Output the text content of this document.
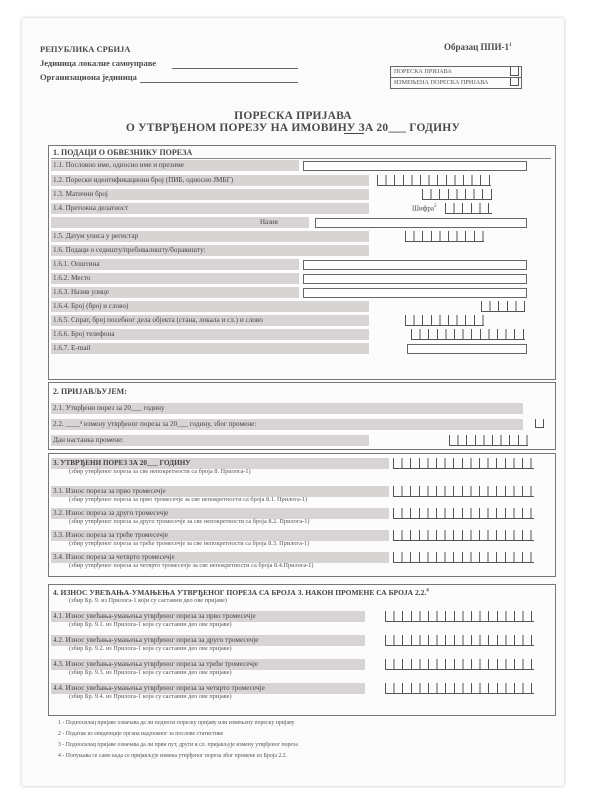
РЕПУБЛИКА СРБИЈА
Јединица локалне самоуправе
Организациона јединица
Образац ППИ-$1^1$
ПОРЕСКА ПРИЈАВА
ИЗМЕЊЕНА ПОРЕСКА ПРИЈАВА
ПОРЕСКА ПРИЈАВА
О УТВРЂЕНОМ ПОРЕЗУ НА ИМОВИНУ ЗА 20___ ГОДИНУ
1. ПОДАЦИ О ОБВЕЗНИКУ ПОРЕЗА
1.1. Пословно име, односно име и презиме
1.2. Порески идентификациони број (ПИБ, односно ЈМБГ)
1.3. Матични број
1.4. Претежна делатност	Шифра$^2$
Назив
1.5. Датум уписа у регистар
1.6. Подаци о седишту/пребивалишту/боравишту:
1.6.1. Општина
1.6.2. Место
1.6.3. Назив улице
1.6.4. Број (број и слово)
1.6.5. Спрат, број посебног дела објекта (стана, локала и сл.) и слово
1.6.6. Број телефона
1.6.7. E-mail
2. ПРИЈАВЉУЈЕМ:
2.1. Утврђени порез за 20___ годину
2.2. ____³ измену утврђеног пореза за 20___ годину, због промене:
Дан настанка промене:
3. УТВРЂЕНИ ПОРЕЗ ЗА 20___ ГОДИНУ
(збир утврђеног пореза за све непокретности са броја 8. Прилога-1)
3.1. Износ пореза за прво тромесечје
(збир утврђеног пореза за прво тромесечје за све непокретности са броја 8.1. Прилога-1)
3.2. Износ пореза за друго тромесечје
(збир утврђеног пореза за друго тромесечје за све непокретности са броја 8.2. Прилога-1)
3.3. Износ пореза за треће тромесечје
(збир утврђеног пореза за треће тромесечје за све непокретности са броја 8.3. Прилога-1)
3.4. Износ пореза за четврто тромесечје
(збир утврђеног пореза за четврто тромесечје за све непокретности са броја 8.4.Прилога-1)
4. ИЗНОС УВЕЋАЊА-УМАЊЕЊА УТВРЂЕНОГ ПОРЕЗА СА БРОЈА 3. НАКОН ПРОМЕНЕ СА БРОЈА 2.2.$^4$
(збир Бр. 9. из Прилога-1 који су саставни део ове пријаве)
4.1. Износ увећања-умањења утврђеног пореза за прво тромесечје
(збир Бр. 9.1. из Прилога-1 који су саставни део ове пријаве)
4.2. Износ увећања-умањења утврђеног пореза за друго тромесечје
(збир Бр. 9.2. из Прилога-1 који су саставни део ове пријаве)
4.3. Износ увећања-умањења утврђеног пореза за треће тромесечје
(збир Бр. 9.3. из Прилога-1 који су саставни део ове пријаве)
4.4. Износ увећања-умањења утврђеног пореза за четврто тромесечје
(збир Бр. 9.4. из Прилога-1 који су саставни део ове пријаве)
1 - Подносилац пријаве означава да ли подноси пореску пријаву или измењену пореску пријаву
2 - Податак из евиденције органа надлежног за послове статистике
3 - Подносилац пријаве означава да ли први пут, други и сл. пријављује измену утврђеног пореза
4 - Попуњава се само када се пријављује измена утврђеног пореза због промене из Броја 2.2.
